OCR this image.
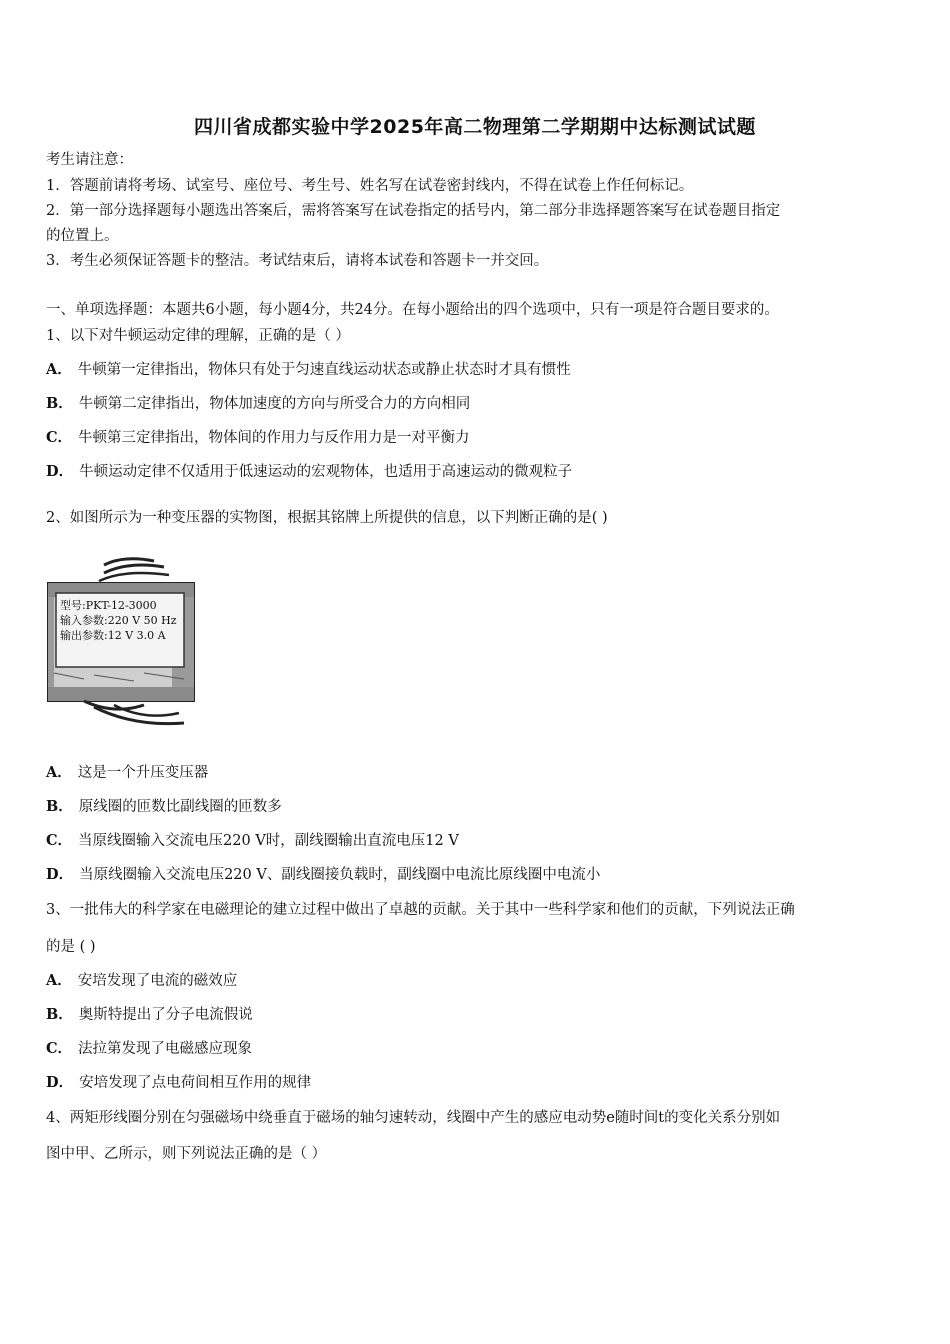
四川省成都实验中学2025年高二物理第二学期期中达标测试试题
考生请注意：
1．答题前请将考场、试室号、座位号、考生号、姓名写在试卷密封线内，不得在试卷上作任何标记。
2．第一部分选择题每小题选出答案后，需将答案写在试卷指定的括号内，第二部分非选择题答案写在试卷题目指定
的位置上。
3．考生必须保证答题卡的整洁。考试结束后，请将本试卷和答题卡一并交回。
一、单项选择题：本题共6小题，每小题4分，共24分。在每小题给出的四个选项中，只有一项是符合题目要求的。
1、以下对牛顿运动定律的理解，正确的是（ ）
A． 牛顿第一定律指出，物体只有处于匀速直线运动状态或静止状态时才具有惯性
B． 牛顿第二定律指出，物体加速度的方向与所受合力的方向相同
C． 牛顿第三定律指出，物体间的作用力与反作用力是一对平衡力
D． 牛顿运动定律不仅适用于低速运动的宏观物体，也适用于高速运动的微观粒子
2、如图所示为一种变压器的实物图，根据其铭牌上所提供的信息，以下判断正确的是( )
型号:PKT-12-3000
输入参数:220 V 50 Hz
输出参数:12 V 3.0 A
A． 这是一个升压变压器
B． 原线圈的匝数比副线圈的匝数多
C． 当原线圈输入交流电压220 V时，副线圈输出直流电压12 V
D． 当原线圈输入交流电压220 V、副线圈接负载时，副线圈中电流比原线圈中电流小
3、一批伟大的科学家在电磁理论的建立过程中做出了卓越的贡献。关于其中一些科学家和他们的贡献，下列说法正确
的是 ( )
A． 安培发现了电流的磁效应
B． 奥斯特提出了分子电流假说
C． 法拉第发现了电磁感应现象
D． 安培发现了点电荷间相互作用的规律
4、两矩形线圈分别在匀强磁场中绕垂直于磁场的轴匀速转动，线圈中产生的感应电动势e随时间t的变化关系分别如
图中甲、乙所示，则下列说法正确的是（ ）
